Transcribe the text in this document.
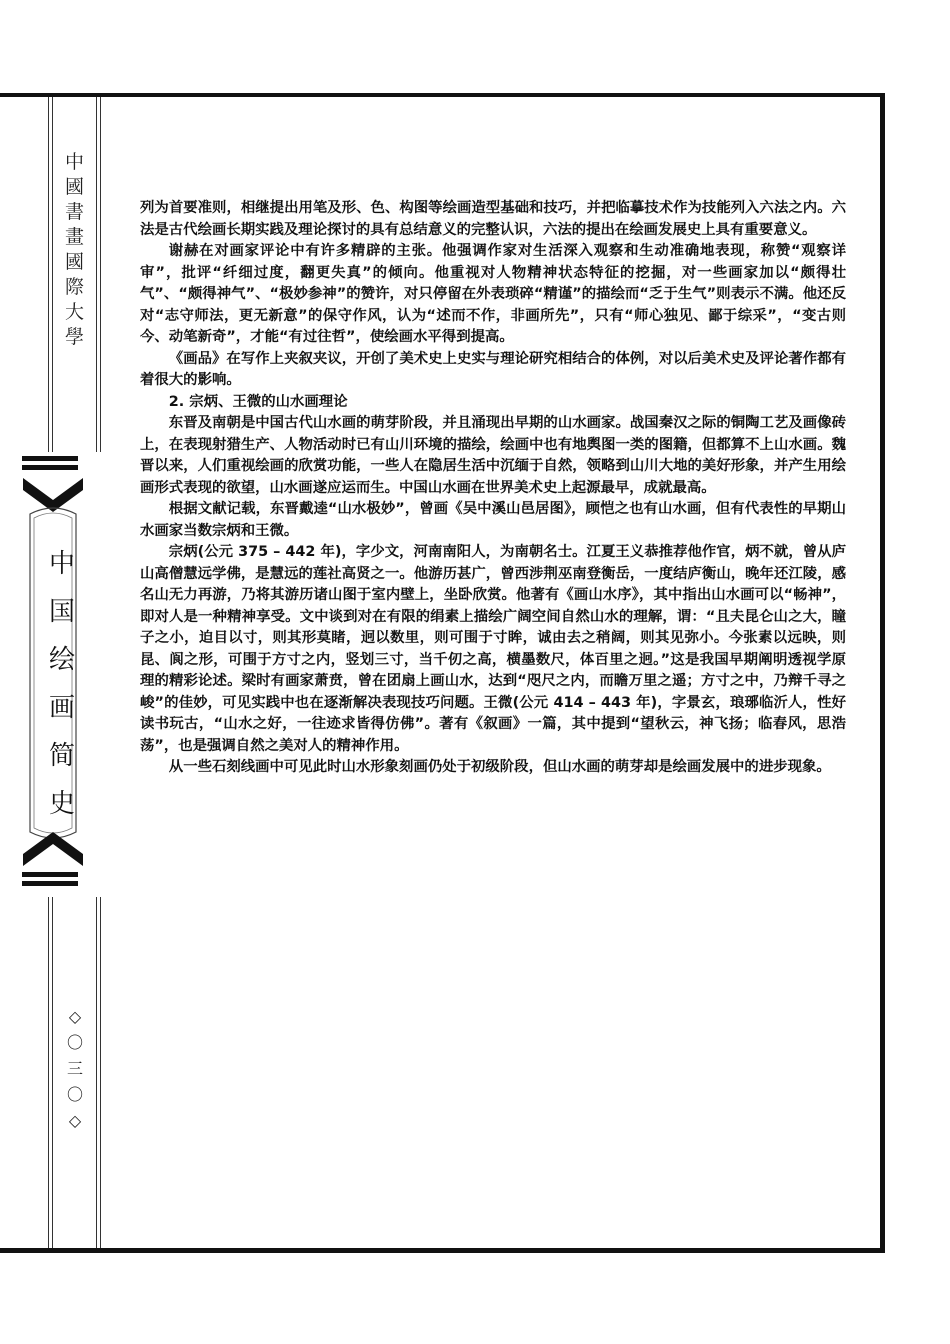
中
國
書
畫
國
際
大
學
中
国
绘
画
简
史
◇
〇
三
〇
◇

列为首要准则，相继提出用笔及形、色、构图等绘画造型基础和技巧，并把临摹技术作为技能列入六法之内。六法是古代绘画长期实践及理论探讨的具有总结意义的完整认识，六法的提出在绘画发展史上具有重要意义。

谢赫在对画家评论中有许多精辟的主张。他强调作家对生活深入观察和生动准确地表现，称赞“观察详审”，批评“纤细过度，翻更失真”的倾向。他重视对人物精神状态特征的挖掘，对一些画家加以“颇得壮气”、“颇得神气”、“极妙参神”的赞许，对只停留在外表琐碎“精谨”的描绘而“乏于生气”则表示不满。他还反对“志守师法，更无新意”的保守作风，认为“述而不作，非画所先”，只有“师心独见、鄙于综采”，“变古则今、动笔新奇”，才能“有过往哲”，使绘画水平得到提高。

《画品》在写作上夹叙夹议，开创了美术史上史实与理论研究相结合的体例，对以后美术史及评论著作都有着很大的影响。

2. 宗炳、王微的山水画理论

东晋及南朝是中国古代山水画的萌芽阶段，并且涌现出早期的山水画家。战国秦汉之际的铜陶工艺及画像砖上，在表现射猎生产、人物活动时已有山川环境的描绘，绘画中也有地舆图一类的图籍，但都算不上山水画。魏晋以来，人们重视绘画的欣赏功能，一些人在隐居生活中沉缅于自然，领略到山川大地的美好形象，并产生用绘画形式表现的欲望，山水画遂应运而生。中国山水画在世界美术史上起源最早，成就最高。

根据文献记载，东晋戴逵“山水极妙”，曾画《吴中溪山邑居图》，顾恺之也有山水画，但有代表性的早期山水画家当数宗炳和王微。

宗炳(公元 375 – 442 年)，字少文，河南南阳人，为南朝名士。江夏王义恭推荐他作官，炳不就，曾从庐山高僧慧远学佛，是慧远的莲社高贤之一。他游历甚广，曾西涉荆巫南登衡岳，一度结庐衡山，晚年还江陵，感名山无力再游，乃将其游历诸山图于室内壁上，坐卧欣赏。他著有《画山水序》，其中指出山水画可以“畅神”，即对人是一种精神享受。文中谈到对在有限的绢素上描绘广阔空间自然山水的理解，谓：“且夫昆仑山之大，瞳子之小，迫目以寸，则其形莫睹，迥以数里，则可围于寸眸，诚由去之稍阔，则其见弥小。今张素以远映，则昆、阆之形，可围于方寸之内，竖划三寸，当千仞之高，横墨数尺，体百里之迥。”这是我国早期阐明透视学原理的精彩论述。梁时有画家萧贲，曾在团扇上画山水，达到“咫尺之内，而瞻万里之遥；方寸之中，乃辩千寻之峻”的佳妙，可见实践中也在逐渐解决表现技巧问题。王微(公元 414 – 443 年)，字景玄，琅琊临沂人，性好读书玩古，“山水之好，一往迹求皆得仿佛”。著有《叙画》一篇，其中提到“望秋云，神飞扬；临春风，思浩荡”，也是强调自然之美对人的精神作用。

从一些石刻线画中可见此时山水形象刻画仍处于初级阶段，但山水画的萌芽却是绘画发展中的进步现象。
